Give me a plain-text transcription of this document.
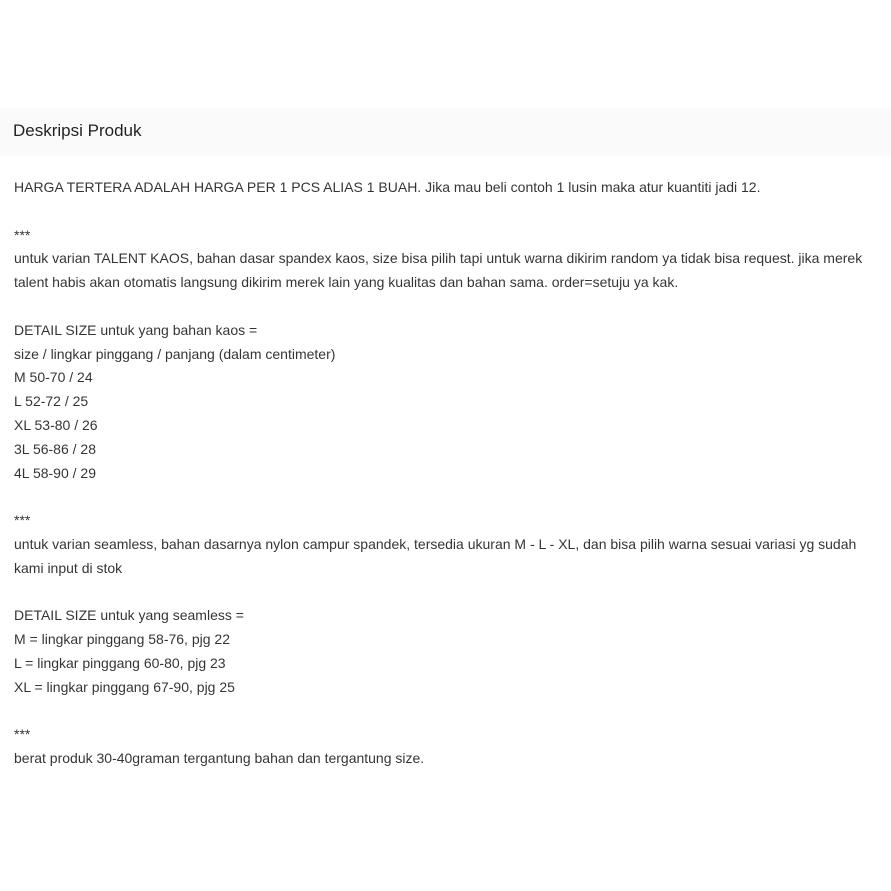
Deskripsi Produk
HARGA TERTERA ADALAH HARGA PER 1 PCS ALIAS 1 BUAH. Jika mau beli contoh 1 lusin maka atur kuantiti jadi 12.
***
untuk varian TALENT KAOS, bahan dasar spandex kaos, size bisa pilih tapi untuk warna dikirim random ya tidak bisa request. jika merek talent habis akan otomatis langsung dikirim merek lain yang kualitas dan bahan sama. order=setuju ya kak.
DETAIL SIZE untuk yang bahan kaos =
size / lingkar pinggang / panjang (dalam centimeter)
M 50-70 / 24
L 52-72 / 25
XL 53-80 / 26
3L 56-86 / 28
4L 58-90 / 29
***
untuk varian seamless, bahan dasarnya nylon campur spandek, tersedia ukuran M - L - XL, dan bisa pilih warna sesuai variasi yg sudah kami input di stok
DETAIL SIZE untuk yang seamless =
M = lingkar pinggang 58-76, pjg 22
L = lingkar pinggang 60-80, pjg 23
XL = lingkar pinggang 67-90, pjg 25
***
berat produk 30-40graman tergantung bahan dan tergantung size.
